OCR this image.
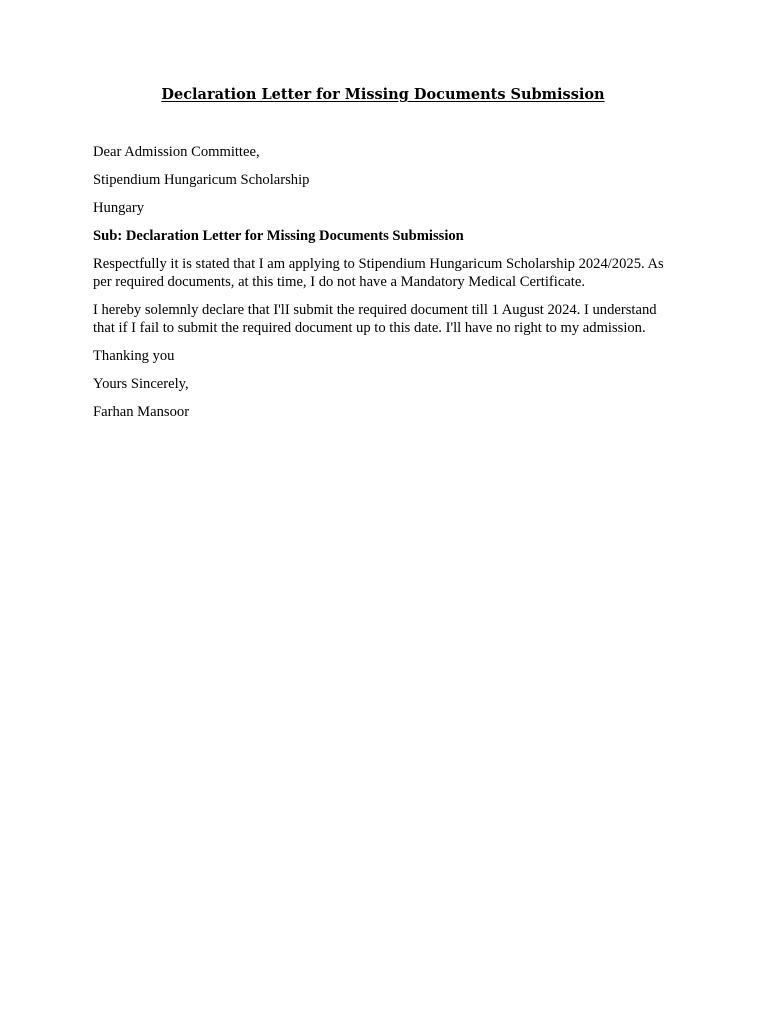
Declaration Letter for Missing Documents Submission

Dear Admission Committee,

Stipendium Hungaricum Scholarship

Hungary

Sub: Declaration Letter for Missing Documents Submission

Respectfully it is stated that I am applying to Stipendium Hungaricum Scholarship 2024/2025. As per required documents, at this time, I do not have a Mandatory Medical Certificate.

I hereby solemnly declare that I'lI submit the required document till 1 August 2024. I understand that if I fail to submit the required document up to this date. I'll have no right to my admission.

Thanking you

Yours Sincerely,

Farhan Mansoor
